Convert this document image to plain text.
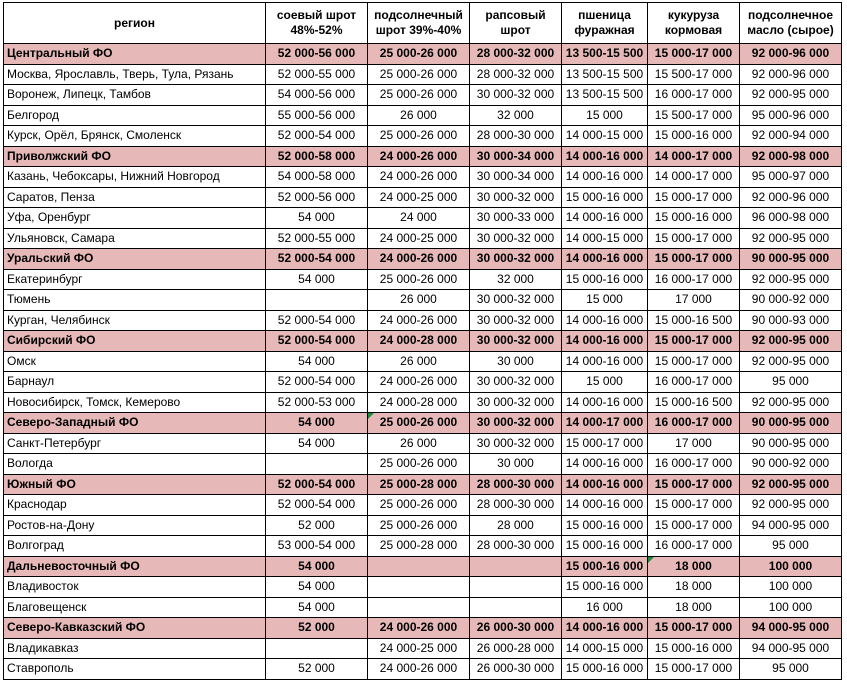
регион	соевый шрот 48%-52%	подсолнечный шрот 39%-40%	рапсовый шрот	пшеница фуражная	кукуруза кормовая	подсолнечное масло (сырое)
Центральный ФО	52 000-56 000	25 000-26 000	28 000-32 000	13 500-15 500	15 000-17 000	92 000-96 000
Москва, Ярославль, Тверь, Тула, Рязань	52 000-55 000	25 000-26 000	28 000-32 000	13 500-15 500	15 500-17 000	92 000-96 000
Воронеж, Липецк, Тамбов	54 000-56 000	25 000-26 000	30 000-32 000	13 500-15 500	16 000-17 000	92 000-95 000
Белгород	55 000-56 000	26 000	32 000	15 000	15 500-17 000	95 000-96 000
Курск, Орёл, Брянск, Смоленск	52 000-54 000	25 000-26 000	28 000-30 000	14 000-15 000	15 000-16 000	92 000-94 000
Приволжский ФО	52 000-58 000	24 000-26 000	30 000-34 000	14 000-16 000	14 000-17 000	92 000-98 000
Казань, Чебоксары, Нижний Новгород	54 000-58 000	24 000-26 000	30 000-34 000	14 000-16 000	14 000-17 000	95 000-97 000
Саратов, Пенза	52 000-56 000	24 000-25 000	30 000-32 000	15 000-16 000	15 000-17 000	92 000-96 000
Уфа, Оренбург	54 000	24 000	30 000-33 000	14 000-16 000	15 000-16 000	96 000-98 000
Ульяновск, Самара	52 000-55 000	24 000-25 000	30 000-32 000	14 000-15 000	15 000-17 000	92 000-95 000
Уральский ФО	52 000-54 000	24 000-26 000	30 000-32 000	14 000-16 000	15 000-17 000	90 000-95 000
Екатеринбург	54 000	25 000-26 000	32 000	15 000-16 000	16 000-17 000	92 000-95 000
Тюмень		26 000	30 000-32 000	15 000	17 000	90 000-92 000
Курган, Челябинск	52 000-54 000	24 000-26 000	30 000-32 000	14 000-16 000	15 000-16 500	90 000-93 000
Сибирский ФО	52 000-54 000	24 000-28 000	30 000-32 000	14 000-16 000	15 000-17 000	92 000-95 000
Омск	54 000	26 000	30 000	14 000-16 000	15 000-17 000	92 000-95 000
Барнаул	52 000-54 000	24 000-26 000	30 000-32 000	15 000	16 000-17 000	95 000
Новосибирск, Томск, Кемерово	52 000-53 000	24 000-28 000	30 000-32 000	14 000-16 000	15 000-16 500	92 000-95 000
Северо-Западный ФО	54 000	25 000-26 000	30 000-32 000	14 000-17 000	16 000-17 000	90 000-95 000
Санкт-Петербург	54 000	26 000	30 000-32 000	15 000-17 000	17 000	90 000-95 000
Вологда		25 000-26 000	30 000	14 000-16 000	16 000-17 000	90 000-92 000
Южный ФО	52 000-54 000	25 000-28 000	28 000-30 000	14 000-16 000	15 000-17 000	92 000-95 000
Краснодар	52 000-54 000	25 000-26 000	28 000-30 000	14 000-16 000	15 000-17 000	92 000-95 000
Ростов-на-Дону	52 000	25 000-26 000	28 000	15 000-16 000	15 000-17 000	94 000-95 000
Волгоград	53 000-54 000	25 000-28 000	28 000-30 000	15 000-16 000	16 000-17 000	95 000
Дальневосточный ФО	54 000			15 000-16 000	18 000	100 000
Владивосток	54 000			15 000-16 000	18 000	100 000
Благовещенск	54 000			16 000	18 000	100 000
Северо-Кавказский ФО	52 000	24 000-26 000	26 000-30 000	14 000-16 000	15 000-17 000	94 000-95 000
Владикавказ		24 000-25 000	26 000-28 000	14 000-15 000	15 000-16 000	94 000-95 000
Ставрополь	52 000	24 000-26 000	26 000-30 000	15 000-16 000	15 000-17 000	95 000
